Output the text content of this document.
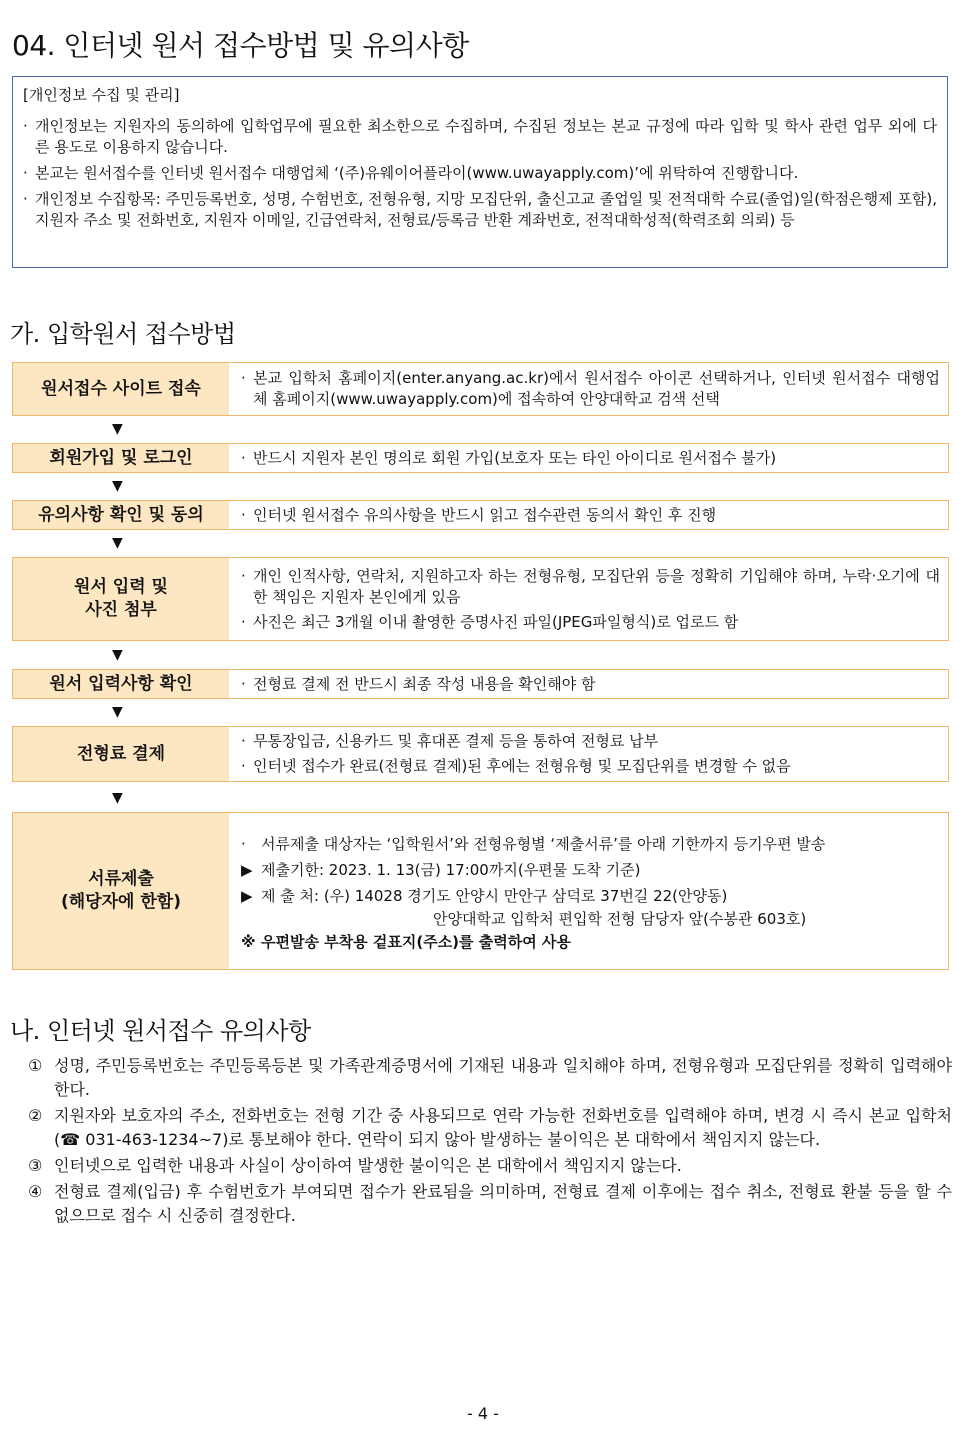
04. 인터넷 원서 접수방법 및 유의사항
[개인정보 수집 및 관리]
· 개인정보는 지원자의 동의하에 입학업무에 필요한 최소한으로 수집하며, 수집된 정보는 본교 규정에 따라 입학 및 학사 관련 업무 외에 다른 용도로 이용하지 않습니다.
· 본교는 원서접수를 인터넷 원서접수 대행업체 ‘(주)유웨이어플라이(www.uwayapply.com)’에 위탁하여 진행합니다.
· 개인정보 수집항목: 주민등록번호, 성명, 수험번호, 전형유형, 지망 모집단위, 출신고교 졸업일 및 전적대학 수료(졸업)일(학점은행제 포함), 지원자 주소 및 전화번호, 지원자 이메일, 긴급연락처, 전형료/등록금 반환 계좌번호, 전적대학성적(학력조회 의뢰) 등
가. 입학원서 접수방법
원서접수 사이트 접속
· 본교 입학처 홈페이지(enter.anyang.ac.kr)에서 원서접수 아이콘 선택하거나, 인터넷 원서접수 대행업체 홈페이지(www.uwayapply.com)에 접속하여 안양대학교 검색 선택
▼
회원가입 및 로그인	· 반드시 지원자 본인 명의로 회원 가입(보호자 또는 타인 아이디로 원서접수 불가)
▼
유의사항 확인 및 동의	· 인터넷 원서접수 유의사항을 반드시 읽고 접수관련 동의서 확인 후 진행
▼
원서 입력 및
사진 첨부
· 개인 인적사항, 연락처, 지원하고자 하는 전형유형, 모집단위 등을 정확히 기입해야 하며, 누락·오기에 대한 책임은 지원자 본인에게 있음
· 사진은 최근 3개월 이내 촬영한 증명사진 파일(JPEG파일형식)로 업로드 함
▼
원서 입력사항 확인	· 전형료 결제 전 반드시 최종 작성 내용을 확인해야 함
▼
전형료 결제
· 무통장입금, 신용카드 및 휴대폰 결제 등을 통하여 전형료 납부
· 인터넷 접수가 완료(전형료 결제)된 후에는 전형유형 및 모집단위를 변경할 수 없음
▼
서류제출
(해당자에 한함)
·	서류제출 대상자는 ‘입학원서’와 전형유형별 ‘제출서류’를 아래 기한까지 등기우편 발송
▶ 제출기한: 2023. 1. 13(금) 17:00까지(우편물 도착 기준)
▶ 제 출 처: (우) 14028 경기도 안양시 만안구 삼덕로 37번길 22(안양동)
안양대학교 입학처 편입학 전형 담당자 앞(수봉관 603호)
※ 우편발송 부착용 겉표지(주소)를 출력하여 사용
나. 인터넷 원서접수 유의사항
① 성명, 주민등록번호는 주민등록등본 및 가족관계증명서에 기재된 내용과 일치해야 하며, 전형유형과 모집단위를 정확히 입력해야 한다.
② 지원자와 보호자의 주소, 전화번호는 전형 기간 중 사용되므로 연락 가능한 전화번호를 입력해야 하며, 변경 시 즉시 본교 입학처(☎ 031-463-1234~7)로 통보해야 한다. 연락이 되지 않아 발생하는 불이익은 본 대학에서 책임지지 않는다.
③ 인터넷으로 입력한 내용과 사실이 상이하여 발생한 불이익은 본 대학에서 책임지지 않는다.
④ 전형료 결제(입금) 후 수험번호가 부여되면 접수가 완료됨을 의미하며, 전형료 결제 이후에는 접수 취소, 전형료 환불 등을 할 수 없으므로 접수 시 신중히 결정한다.
- 4 -
